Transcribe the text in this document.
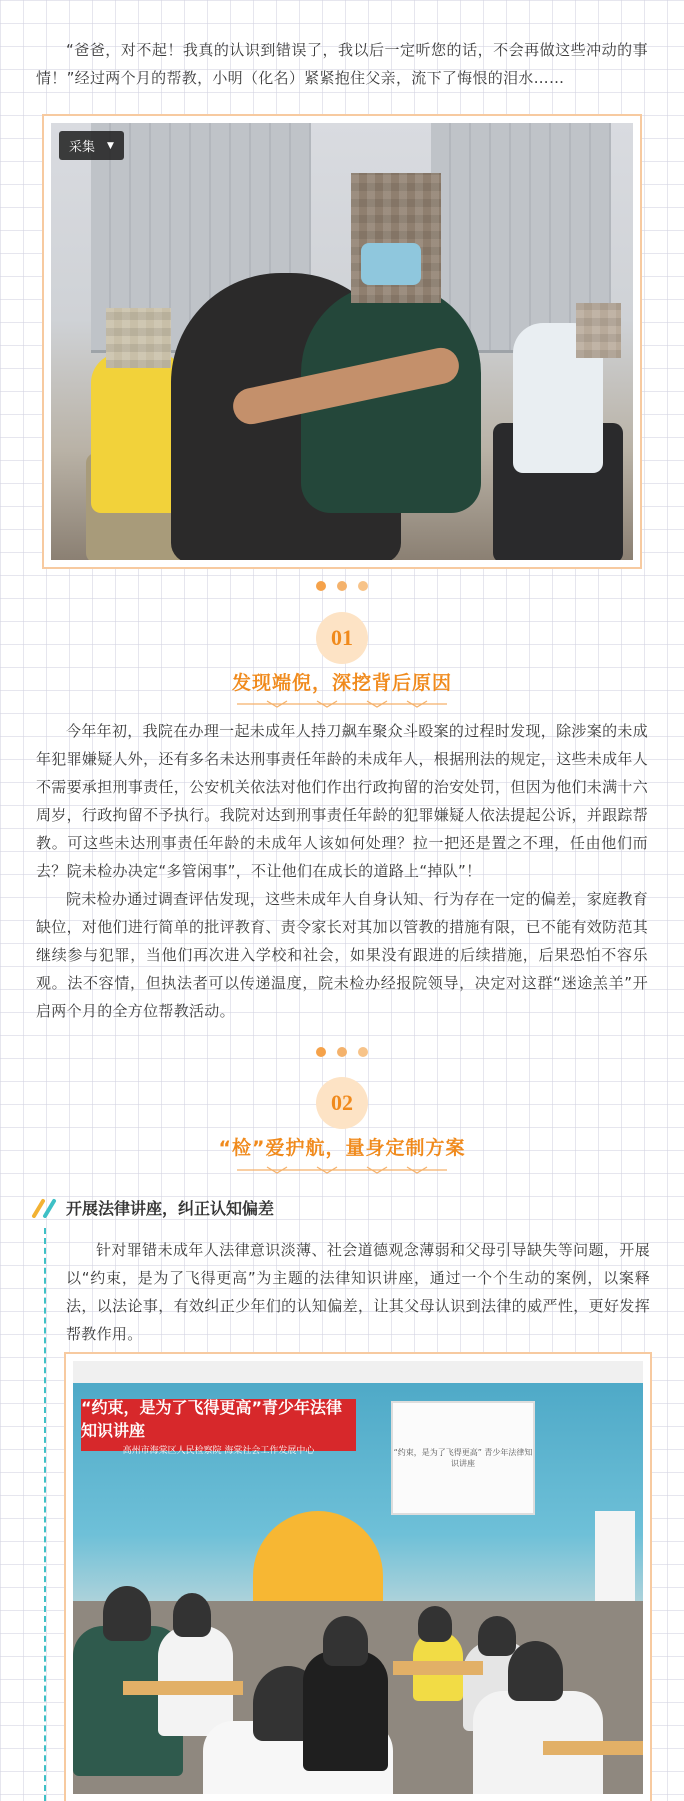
“爸爸，对不起！我真的认识到错误了，我以后一定听您的话，不会再做这些冲动的事情！”经过两个月的帮教，小明（化名）紧紧抱住父亲，流下了悔恨的泪水……

采集 ▼
01
发现端倪，深挖背后原因

今年年初，我院在办理一起未成年人持刀飙车聚众斗殴案的过程时发现，除涉案的未成年犯罪嫌疑人外，还有多名未达刑事责任年龄的未成年人，根据刑法的规定，这些未成年人不需要承担刑事责任，公安机关依法对他们作出行政拘留的治安处罚，但因为他们未满十六周岁，行政拘留不予执行。我院对达到刑事责任年龄的犯罪嫌疑人依法提起公诉，并跟踪帮教。可这些未达刑事责任年龄的未成年人该如何处理？拉一把还是置之不理，任由他们而去？院未检办决定“多管闲事”，不让他们在成长的道路上“掉队”！

院未检办通过调查评估发现，这些未成年人自身认知、行为存在一定的偏差，家庭教育缺位，对他们进行简单的批评教育、责令家长对其加以管教的措施有限，已不能有效防范其继续参与犯罪，当他们再次进入学校和社会，如果没有跟进的后续措施，后果恐怕不容乐观。法不容情，但执法者可以传递温度，院未检办经报院领导，决定对这群“迷途羔羊”开启两个月的全方位帮教活动。

02
“检”爱护航，量身定制方案
开展法律讲座，纠正认知偏差

针对罪错未成年人法律意识淡薄、社会道德观念薄弱和父母引导缺失等问题，开展以“约束，是为了飞得更高”为主题的法律知识讲座，通过一个个生动的案例，以案释法，以法论事，有效纠正少年们的认知偏差，让其父母认识到法律的威严性，更好发挥帮教作用。

“约束，是为了飞得更高”青少年法律知识讲座
高州市海棠区人民检察院 海棠社会工作发展中心	“约束，是为了飞得更高” 青少年法律知识讲座
